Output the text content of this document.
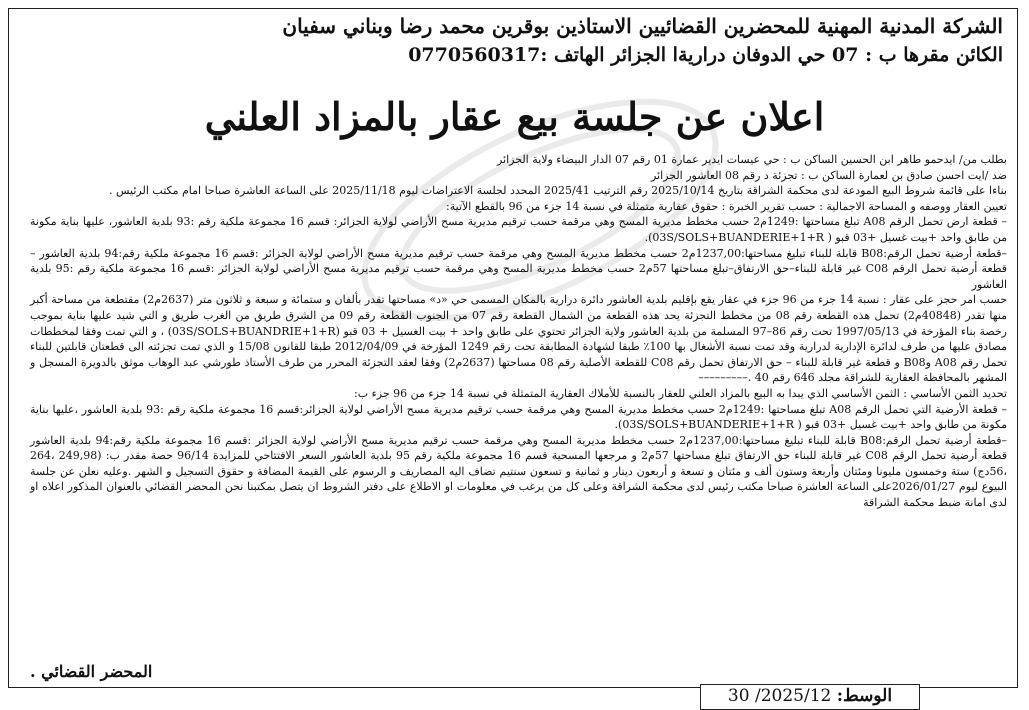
الشركة المدنية المهنية للمحضرين القضائيين الاستاذين بوقرين محمد رضا وبناني سفيان
الكائن مقرها ب : 07 حي الدوفان دراريةا الجزائر الهاتف :0770560317
اعلان عن جلسة بيع عقار بالمزاد العلني

بطلب من/ ايدحمو طاهر ابن الحسين الساكن ب : حي عيسات ايدير عمارة 01 رقم 07 الدار البيضاء ولاية الجزائر

ضد /ايت احسن صادق بن لعمارة الساكن ب : تجزئة د رقم 08 العاشور الجزائر

بناءا على قائمة شروط البيع المودعة لدى محكمة الشراقة بتاريخ 2025/10/14 رقم الترتيب 2025/41 المحدد لجلسة الاعتراضات ليوم 2025/11/18 على الساعة العاشرة صباحا امام مكتب الرئيس .

تعيين العقار ووصفه و المساحة الاجمالية : حسب تقرير الخبرة : حقوق عقارية متمثلة في نسبة 14 جزء من 96 بالقطع الآتية:

– قطعة ارض تحمل الرقم A08 تبلغ مساحتها :1249م2 حسب مخطط مديرية المسح وهي مرقمة حسب ترقيم مديرية مسح الأراضي لولاية الجزائر: قسم 16 مجموعة ملكية رقم :93 بلدية العاشور، عليها بناية مكونة من طابق واحد +بيت غسيل +03 قبو ( 03S/SOLS+BUANDERIE+1+R).

–قطعة أرضية تحمل الرقم:B08 قابلة للبناء تبليغ مساحتها:1237,00م2 حسب مخطط مديرية المسح وهي مرقمة حسب ترقيم مديرية مسح الأراضي لولاية الجزائر :قسم 16 مجموعة ملكية رقم:94 بلدية العاشور –قطعة أرضية تحمل الرقم C08 غير قابلة للبناء–حق الارتفاق–تبلغ مساحتها 57م2 حسب مخطط مديرية المسح وهي مرقمة حسب ترقيم مديرية مسح الأراضي لولاية الجزائر :قسم 16 مجموعة ملكية رقم :95 بلدية العاشور

حسب امر حجز على عقار : نسبة 14 جزء من 96 جزء في عقار يقع بإقليم بلدية العاشور دائرة درارية بالمكان المسمى حي «د» مساحتها تقدر بألفان و ستمائة و سبعة و ثلاثون متر (2637م2) مقتطعة من مساحة أكبر منها تقدر (40848م2) تحمل هذه القطعة رقم 08 من مخطط التجزئة يحد هذه القطعة من الشمال القطعة رقم 07 من الجنوب القطعة رقم 09 من الشرق طريق من الغرب طريق و التي شيد عليها بناية بموجب رخصة بناء المؤرخة في 1997/05/13 تحت رقم 86–97 المسلمة من بلدية العاشور ولاية الجزائر تحتوي على طابق واحد + بيت الغسيل + 03 قبو (03S/SOLS+BUANDRIE+1+R) ، و التي تمت وفقا لمخططات مصادق عليها من طرف لدائرة الإدارية لدرارية وقد تمت نسبة الأشغال بها 100٪ طبقا لشهادة المطابقة تحت رقم 1249 المؤرخة في 2012/04/09 طبقا للقانون 15/08 و الذي تمت تجزئته الى قطعتان قابلتين للبناء تحمل رقم A08 وB08 و قطعة غير قابلة للبناء – حق الارتفاق تحمل رقم C08 للقطعة الأصلية رقم 08 مساحتها (2637م2) وفقا لعقد التجزئة المحرر من طرف الأستاذ طورشي عبد الوهاب موثق بالدويرة المسجل و المشهر بالمحافظة العقارية للشراقة مجلد 646 رقم 40 .–––––––––

تحديد الثمن الأساسي : الثمن الأساسي الذي يبدا به البيع بالمزاد العلني للعقار بالنسبة للأملاك العقارية المتمثلة في نسبة 14 جزء من 96 جزء ب:

– قطعة الأرضية التي تحمل الرقم A08 تبلغ مساحتها :1249م2 حسب مخطط مديرية المسح وهي مرقمة حسب ترقيم مديرية مسح الأراضي لولاية الجزائر:قسم 16 مجموعة ملكية رقم :93 بلدية العاشور ،عليها بناية مكونة من طابق واحد +بيت غسيل +03 قبو ( 03S/SOLS+BUANDERIE+1+R).

–قطعة أرضية تحمل الرقم:B08 قابلة للبناء تبليغ مساحتها:1237,00م2 حسب مخطط مديرية المسح وهي مرقمة حسب ترقيم مديرية مسح الأراضي لولاية الجزائر :قسم 16 مجموعة ملكية رقم:94 بلدية العاشور قطعة أرضية تحمل الرقم C08 غير قابلة للبناء حق الارتفاق تبلغ مساحتها 57م2 و مرجعها المسحية قسم 16 مجموعة ملكية رقم 95 بلدية العاشور السعر الافتتاحي للمزايدة 96/14 حصة مقدر ب: (249,98 ،264 ،56دج) ستة وخمسون مليونا ومئتان وأربعة وستون ألف و مئتان و تسعة و أربعون دينار و ثمانية و تسعون سنتيم تضاف اليه المصاريف و الرسوم على القيمة المضافة و حقوق التسجيل و الشهر .وعليه نعلن عن جلسة البيوع ليوم 2026/01/27على الساعة العاشرة صباحا مكتب رئيس لدى محكمة الشراقة وعلى كل من يرغب في معلومات او الاطلاع على دفتر الشروط ان يتصل بمكتبنا نحن المحضر القضائي بالعنوان المذكور اعلاه او لدى امانة ضبط محكمة الشراقة

المحضر القضائي .
الوسط: 2025/12/ 30
